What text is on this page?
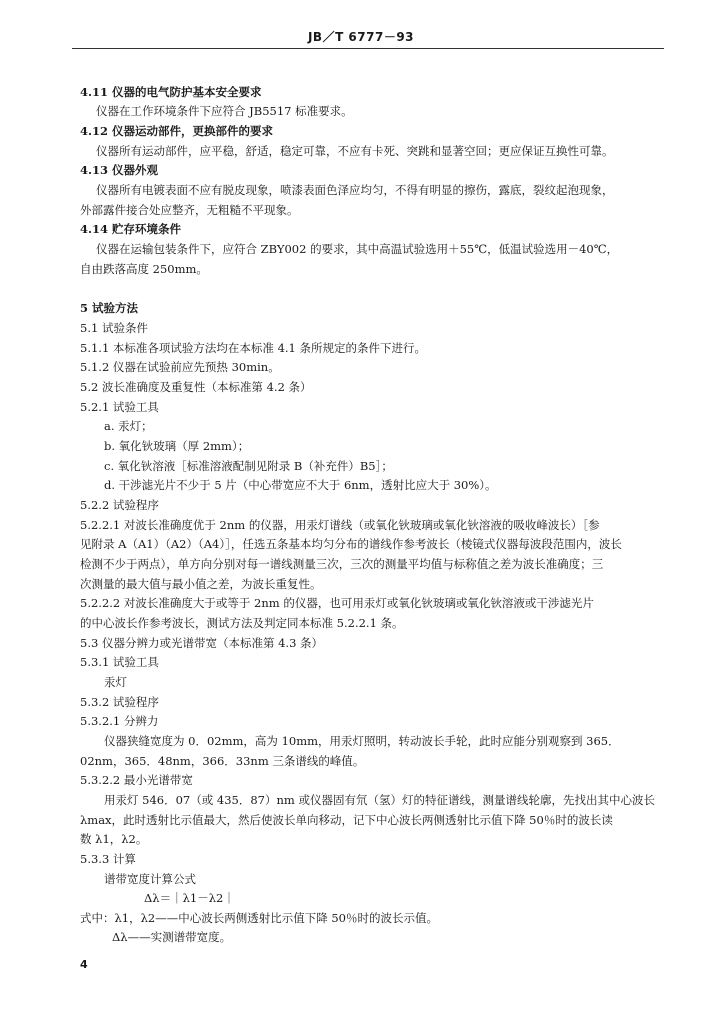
JB／T 6777－93
4.11 仪器的电气防护基本安全要求
仪器在工作环境条件下应符合 JB5517 标准要求。
4.12 仪器运动部件，更换部件的要求
仪器所有运动部件，应平稳，舒适，稳定可靠，不应有卡死、突跳和显著空回；更应保证互换性可靠。
4.13 仪器外观
仪器所有电镀表面不应有脱皮现象，喷漆表面色泽应均匀，不得有明显的擦伤，露底，裂纹起泡现象，
外部露件接合处应整齐，无粗糙不平现象。
4.14 贮存环境条件
仪器在运输包装条件下，应符合 ZBY002 的要求，其中高温试验选用＋55℃，低温试验选用－40℃，
自由跌落高度 250mm。
5 试验方法
5.1 试验条件
5.1.1 本标准各项试验方法均在本标准 4.1 条所规定的条件下进行。
5.1.2 仪器在试验前应先预热 30min。
5.2 波长准确度及重复性（本标准第 4.2 条）
5.2.1 试验工具
a. 汞灯；
b. 氧化钬玻璃（厚 2mm）；
c. 氧化钬溶液［标准溶液配制见附录 B（补充件）B5］；
d. 干涉滤光片不少于 5 片（中心带宽应不大于 6nm，透射比应大于 30%）。
5.2.2 试验程序
5.2.2.1 对波长准确度优于 2nm 的仪器，用汞灯谱线（或氧化钬玻璃或氧化钬溶液的吸收峰波长）［参
见附录 A（A1）（A2）（A4）］，任选五条基本均匀分布的谱线作参考波长（棱镜式仪器每波段范围内，波长
检测不少于两点），单方向分别对每一谱线测量三次，三次的测量平均值与标称值之差为波长准确度；三
次测量的最大值与最小值之差，为波长重复性。
5.2.2.2 对波长准确度大于或等于 2nm 的仪器，也可用汞灯或氧化钬玻璃或氧化钬溶液或干涉滤光片
的中心波长作参考波长，测试方法及判定同本标准 5.2.2.1 条。
5.3 仪器分辨力或光谱带宽（本标准第 4.3 条）
5.3.1 试验工具
汞灯
5.3.2 试验程序
5.3.2.1 分辨力
仪器狭缝宽度为 0．02mm，高为 10mm，用汞灯照明，转动波长手轮，此时应能分别观察到 365．
02nm，365．48nm，366．33nm 三条谱线的峰值。
5.3.2.2 最小光谱带宽
用汞灯 546．07（或 435．87）nm 或仪器固有氘（氢）灯的特征谱线，测量谱线轮廓，先找出其中心波长
λmax，此时透射比示值最大，然后使波长单向移动，记下中心波长两侧透射比示值下降 50％时的波长读
数 λ1，λ2。
5.3.3 计算
谱带宽度计算公式
Δλ＝｜λ1－λ2｜
式中：λ1，λ2——中心波长两侧透射比示值下降 50％时的波长示值。
Δλ——实测谱带宽度。
4
